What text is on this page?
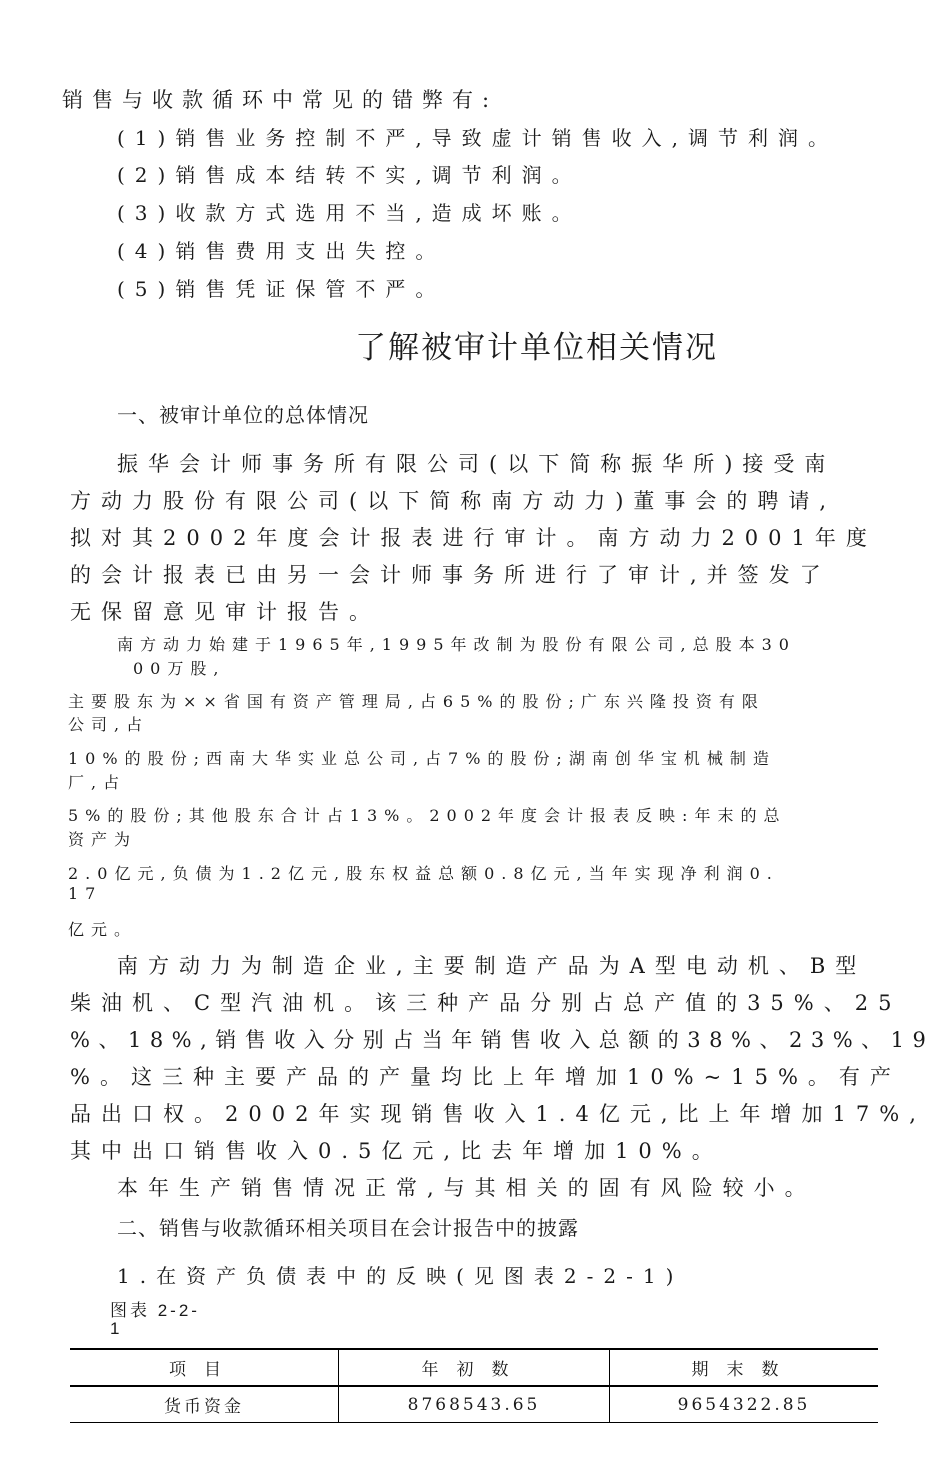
销售与收款循环中常见的错弊有:
(1)销售业务控制不严,导致虚计销售收入,调节利润。
(2)销售成本结转不实,调节利润。
(3)收款方式选用不当,造成坏账。
(4)销售费用支出失控。
(5)销售凭证保管不严。
了解被审计单位相关情况
一、被审计单位的总体情况
振华会计师事务所有限公司(以下简称振华所)接受南
方动力股份有限公司(以下简称南方动力)董事会的聘请,
拟对其2002年度会计报表进行审计。南方动力2001年度
的会计报表已由另一会计师事务所进行了审计,并签发了
无保留意见审计报告。
南方动力始建于1965年,1995年改制为股份有限公司,总股本30
00万股,
主要股东为××省国有资产管理局,占65%的股份;广东兴隆投资有限
公司,占
10%的股份;西南大华实业总公司,占7%的股份;湖南创华宝机械制造
厂,占
5%的股份;其他股东合计占13%。2002年度会计报表反映:年末的总
资产为
2.0亿元,负债为1.2亿元,股东权益总额0.8亿元,当年实现净利润0.
17
亿元。
南方动力为制造企业,主要制造产品为A型电动机、B型
柴油机、C型汽油机。该三种产品分别占总产值的35%、25
%、18%,销售收入分别占当年销售收入总额的38%、23%、19
%。这三种主要产品的产量均比上年增加10%~15%。有产
品出口权。2002年实现销售收入1.4亿元,比上年增加17%,
其中出口销售收入0.5亿元,比去年增加10%。
本年生产销售情况正常,与其相关的固有风险较小。
二、销售与收款循环相关项目在会计报告中的披露
1.在资产负债表中的反映(见图表2-2-1)
图表 2-2-
1
项目	年初数	期末数
货币资金	8768543.65	9654322.85
